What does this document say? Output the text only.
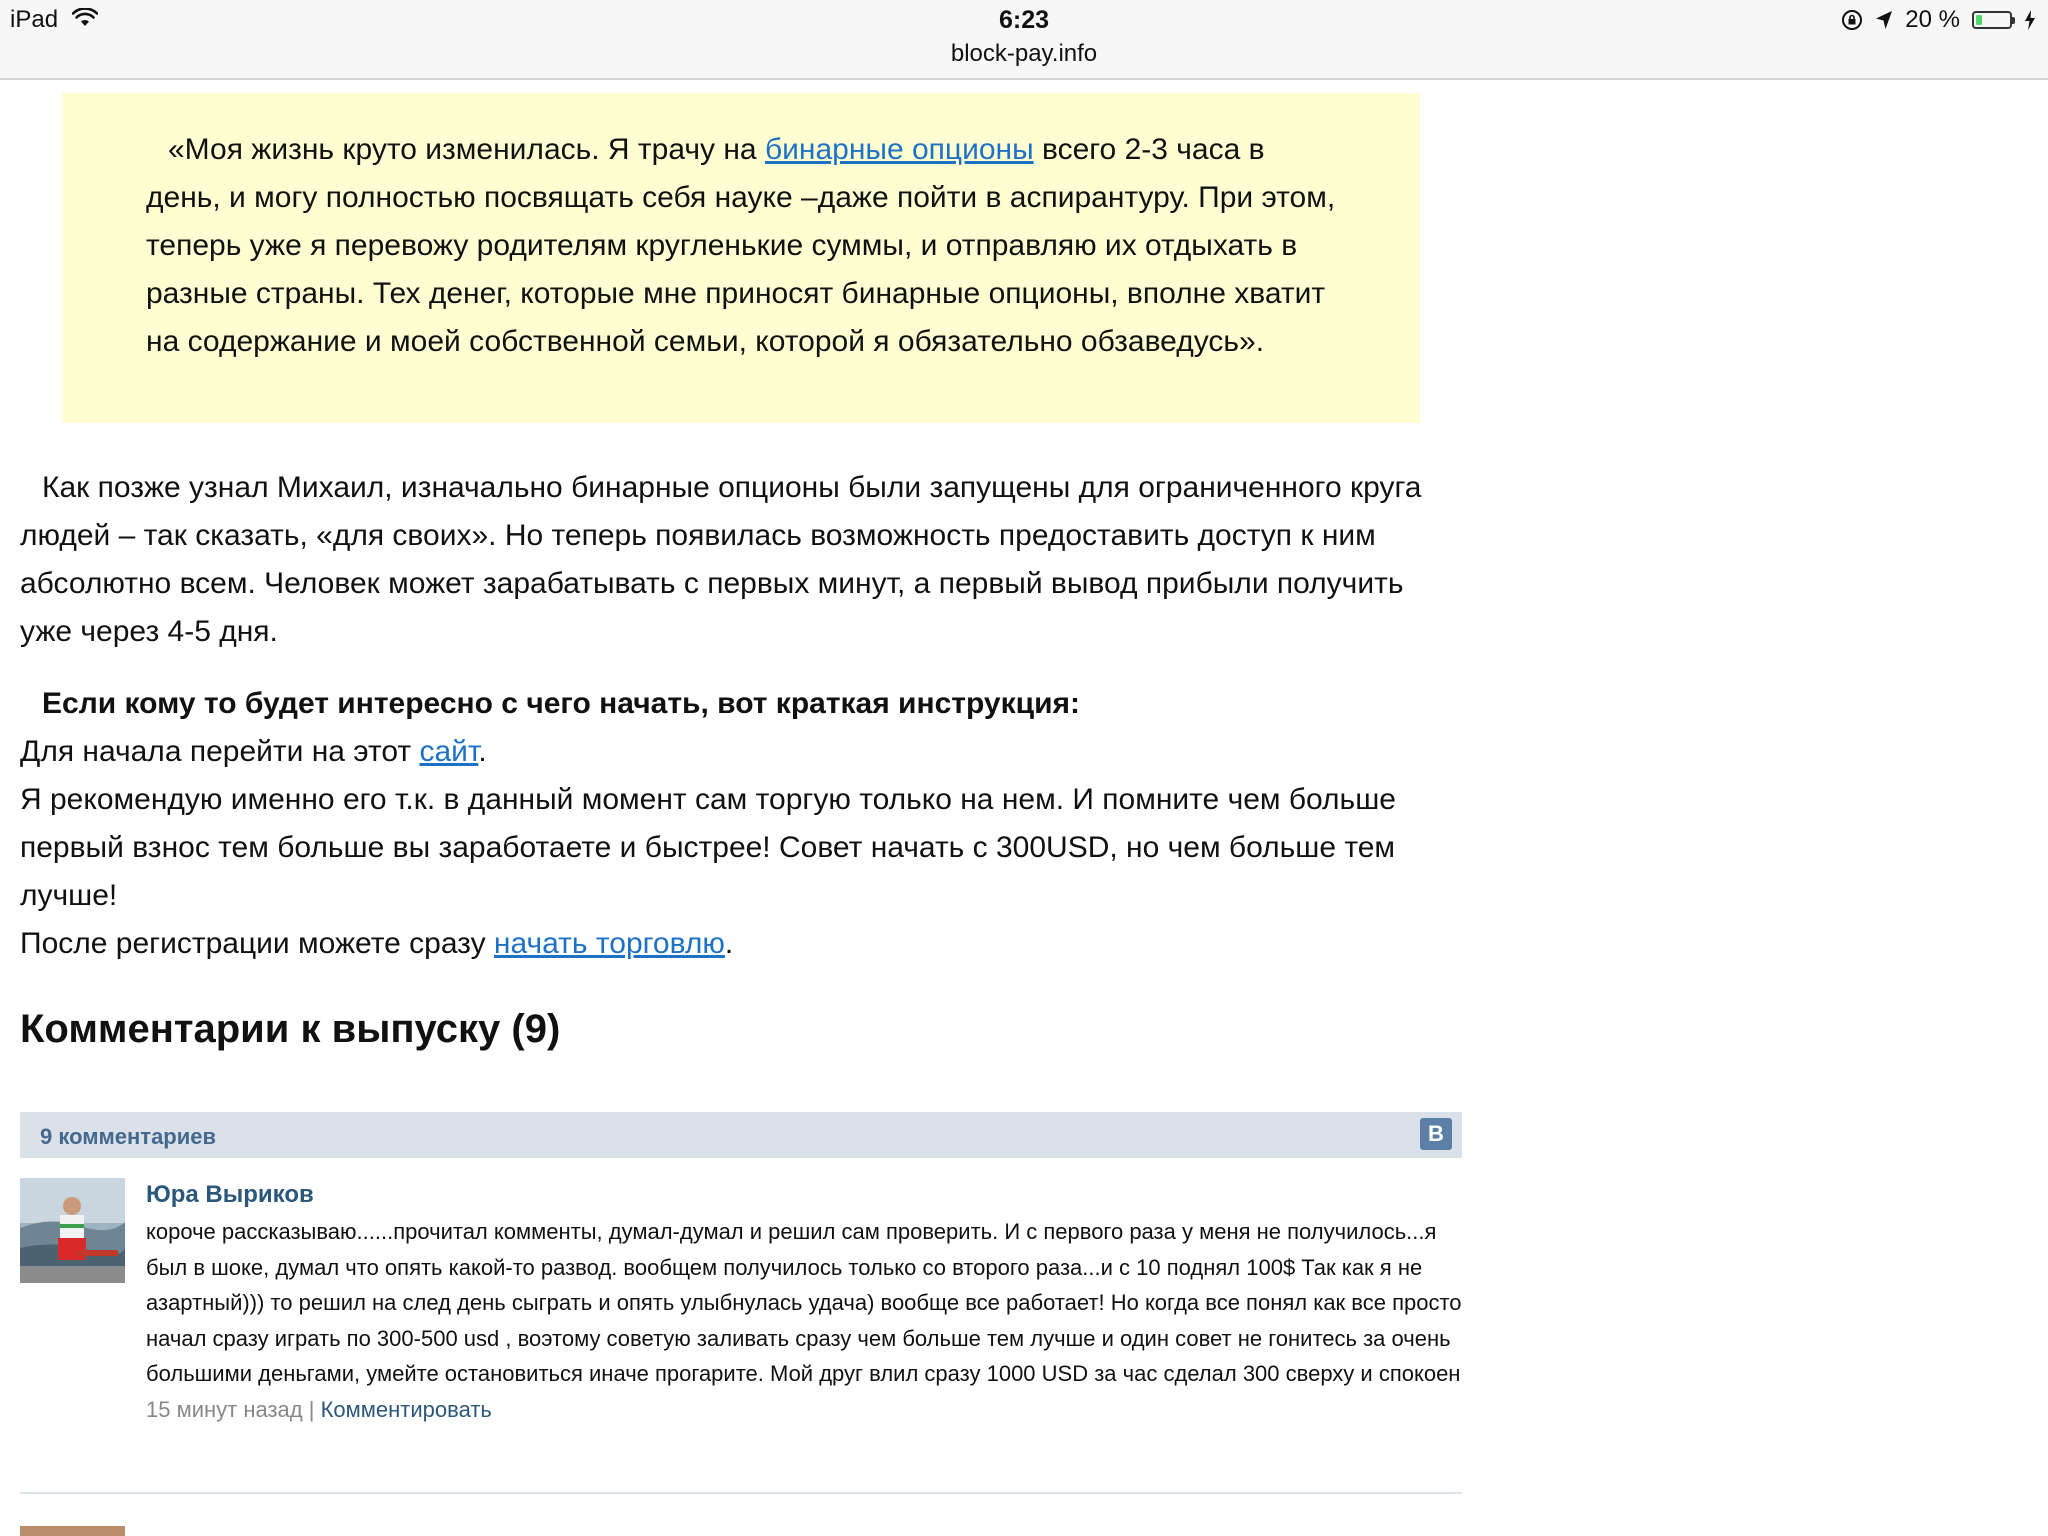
iPad	6:23
block-pay.info
20 %
«Моя жизнь круто изменилась. Я трачу на бинарные опционы всего 2-3 часа в день, и могу полностью посвящать себя науке –даже пойти в аспирантуру. При этом, теперь уже я перевожу родителям кругленькие суммы, и отправляю их отдыхать в разные страны. Тех денег, которые мне приносят бинарные опционы, вполне хватит на содержание и моей собственной семьи, которой я обязательно обзаведусь».
Как позже узнал Михаил, изначально бинарные опционы были запущены для ограниченного круга людей – так сказать, «для своих». Но теперь появилась возможность предоставить доступ к ним абсолютно всем. Человек может зарабатывать с первых минут, а первый вывод прибыли получить уже через 4-5 дня.
Если кому то будет интересно с чего начать, вот краткая инструкция:
Для начала перейти на этот сайт.
Я рекомендую именно его т.к. в данный момент сам торгую только на нем. И помните чем больше первый взнос тем больше вы заработаете и быстрее! Совет начать с 300USD, но чем больше тем лучше!
После регистрации можете сразу начать торговлю.
Комментарии к выпуску (9)
9 комментариев	В
Юра Выриков
короче рассказываю......прочитал комменты, думал-думал и решил сам проверить. И с первого раза у меня не получилось...я был в шоке, думал что опять какой-то развод. вообщем получилось только со второго раза...и с 10 поднял 100$ Так как я не азартный))) то решил на след день сыграть и опять улыбнулась удача) вообще все работает! Но когда все понял как все просто начал сразу играть по 300-500 usd , воэтому советую заливать сразу чем больше тем лучше и один совет не гонитесь за очень большими деньгами, умейте остановиться иначе прогарите. Мой друг влил сразу 1000 USD за час сделал 300 сверху и спокоен
15 минут назад | Комментировать
